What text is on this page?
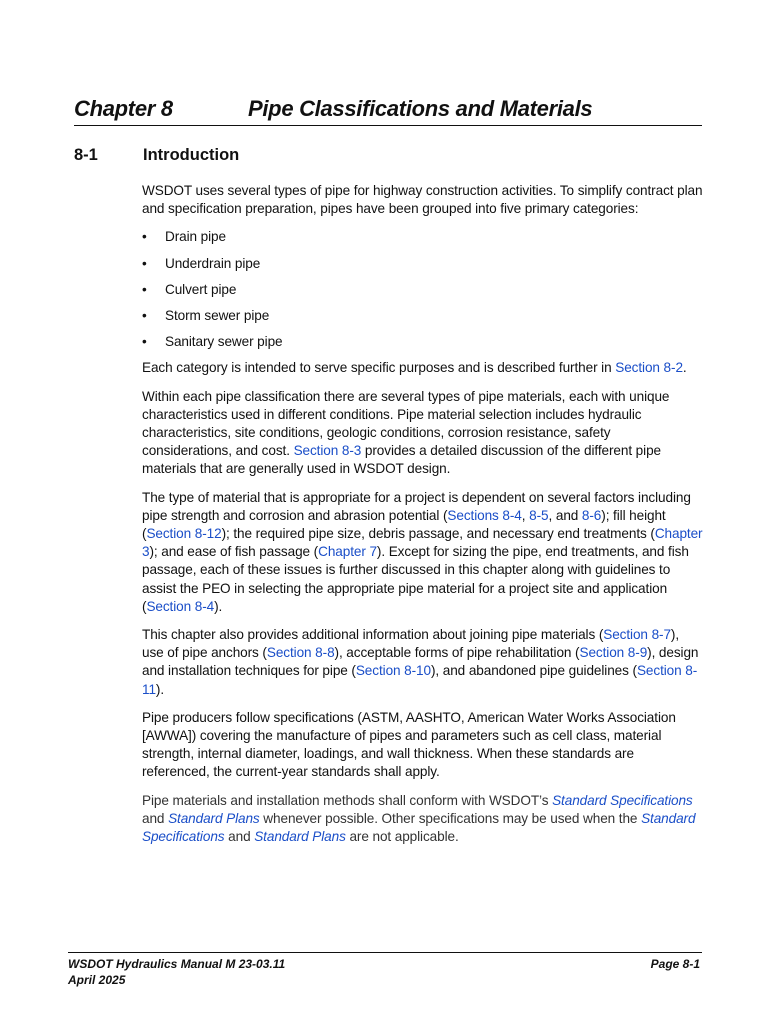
Chapter 8	Pipe Classifications and Materials
8-1	Introduction

WSDOT uses several types of pipe for highway construction activities. To simplify contract plan and specification preparation, pipes have been grouped into five primary categories:

• Drain pipe
• Underdrain pipe
• Culvert pipe
• Storm sewer pipe
• Sanitary sewer pipe

Each category is intended to serve specific purposes and is described further in Section 8-2.

Within each pipe classification there are several types of pipe materials, each with unique characteristics used in different conditions. Pipe material selection includes hydraulic characteristics, site conditions, geologic conditions, corrosion resistance, safety considerations, and cost. Section 8-3 provides a detailed discussion of the different pipe materials that are generally used in WSDOT design.

The type of material that is appropriate for a project is dependent on several factors including pipe strength and corrosion and abrasion potential (Sections 8-4, 8-5, and 8-6); fill height (Section 8-12); the required pipe size, debris passage, and necessary end treatments (Chapter 3); and ease of fish passage (Chapter 7). Except for sizing the pipe, end treatments, and fish passage, each of these issues is further discussed in this chapter along with guidelines to assist the PEO in selecting the appropriate pipe material for a project site and application (Section 8-4).

This chapter also provides additional information about joining pipe materials (Section 8-7), use of pipe anchors (Section 8-8), acceptable forms of pipe rehabilitation (Section 8-9), design and installation techniques for pipe (Section 8-10), and abandoned pipe guidelines (Section 8-11).

Pipe producers follow specifications (ASTM, AASHTO, American Water Works Association [AWWA]) covering the manufacture of pipes and parameters such as cell class, material strength, internal diameter, loadings, and wall thickness. When these standards are referenced, the current-year standards shall apply.

Pipe materials and installation methods shall conform with WSDOT’s Standard Specifications and Standard Plans whenever possible. Other specifications may be used when the Standard Specifications and Standard Plans are not applicable.

WSDOT Hydraulics Manual M 23-03.11
April 2025
Page 8-1
